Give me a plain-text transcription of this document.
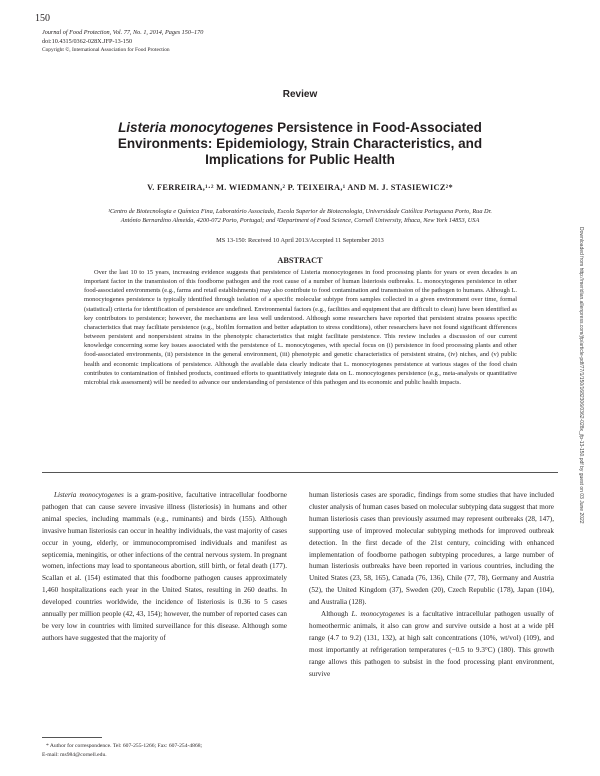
150
Journal of Food Protection, Vol. 77, No. 1, 2014, Pages 150–170
doi:10.4315/0362-028X.JFP-13-150
Copyright ©, International Association for Food Protection
Review
Listeria monocytogenes Persistence in Food-Associated
Environments: Epidemiology, Strain Characteristics, and
Implications for Public Health
V. FERREIRA,¹·² M. WIEDMANN,² P. TEIXEIRA,¹ AND M. J. STASIEWICZ²*
¹Centro de Biotecnologia e Química Fina, Laboratório Associado, Escola Superior de Biotecnologia, Universidade Católica Portuguesa Porto, Rua Dr.
António Bernardino Almeida, 4200-072 Porto, Portugal; and ²Department of Food Science, Cornell University, Ithaca, New York 14853, USA
MS 13-150: Received 10 April 2013/Accepted 11 September 2013
ABSTRACT
Over the last 10 to 15 years, increasing evidence suggests that persistence of Listeria monocytogenes in food processing plants for years or even decades is an important factor in the transmission of this foodborne pathogen and the root cause of a number of human listeriosis outbreaks. L. monocytogenes persistence in other food-associated environments (e.g., farms and retail establishments) may also contribute to food contamination and transmission of the pathogen to humans. Although L. monocytogenes persistence is typically identified through isolation of a specific molecular subtype from samples collected in a given environment over time, formal (statistical) criteria for identification of persistence are undefined. Environmental factors (e.g., facilities and equipment that are difficult to clean) have been identified as key contributors to persistence; however, the mechanisms are less well understood. Although some researchers have reported that persistent strains possess specific characteristics that may facilitate persistence (e.g., biofilm formation and better adaptation to stress conditions), other researchers have not found significant differences between persistent and nonpersistent strains in the phenotypic characteristics that might facilitate persistence. This review includes a discussion of our current knowledge concerning some key issues associated with the persistence of L. monocytogenes, with special focus on (i) persistence in food processing plants and other food-associated environments, (ii) persistence in the general environment, (iii) phenotypic and genetic characteristics of persistent strains, (iv) niches, and (v) public health and economic implications of persistence. Although the available data clearly indicate that L. monocytogenes persistence at various stages of the food chain contributes to contamination of finished products, continued efforts to quantitatively integrate data on L. monocytogenes persistence (e.g., meta-analysis or quantitative microbial risk assessment) will be needed to advance our understanding of persistence of this pathogen and its economic and public health impacts.

Listeria monocytogenes is a gram-positive, facultative intracellular foodborne pathogen that can cause severe invasive illness (listeriosis) in humans and other animal species, including mammals (e.g., ruminants) and birds (155). Although invasive human listeriosis can occur in healthy individuals, the vast majority of cases occur in young, elderly, or immunocompromised individuals and manifest as septicemia, meningitis, or other infections of the central nervous system. In pregnant women, infections may lead to spontaneous abortion, still birth, or fetal death (177). Scallan et al. (154) estimated that this foodborne pathogen causes approximately 1,460 hospitalizations each year in the United States, resulting in 260 deaths. In developed countries worldwide, the incidence of listeriosis is 0.36 to 5 cases annually per million people (42, 43, 154); however, the number of reported cases can be very low in countries with limited surveillance for this disease. Although some authors have suggested that the majority of

human listeriosis cases are sporadic, findings from some studies that have included cluster analysis of human cases based on molecular subtyping data suggest that more human listeriosis cases than previously assumed may represent outbreaks (28, 147), supporting use of improved molecular subtyping methods for improved outbreak detection. In the first decade of the 21st century, coinciding with enhanced implementation of foodborne pathogen subtyping procedures, a large number of human listeriosis outbreaks have been reported in various countries, including the United States (23, 58, 165), Canada (76, 136), Chile (77, 78), Germany and Austria (52), the United Kingdom (37), Sweden (20), Czech Republic (178), Japan (104), and Australia (128).

Although L. monocytogenes is a facultative intracellular pathogen usually of homeothermic animals, it also can grow and survive outside a host at a wide pH range (4.7 to 9.2) (131, 132), at high salt concentrations (10%, wt/vol) (109), and most importantly at refrigeration temperatures (−0.5 to 9.3°C) (180). This growth range allows this pathogen to subsist in the food processing plant environment, survive

* Author for correspondence. Tel: 607-255-1266; Fax: 607-254-4868;
E-mail: ms984@cornell.edu.
Downloaded from http://meridian.allenpress.com/jfp/article-pdf/77/1/150/1682306/0362-028x_jfp-13-150.pdf by guest on 03 June 2022
